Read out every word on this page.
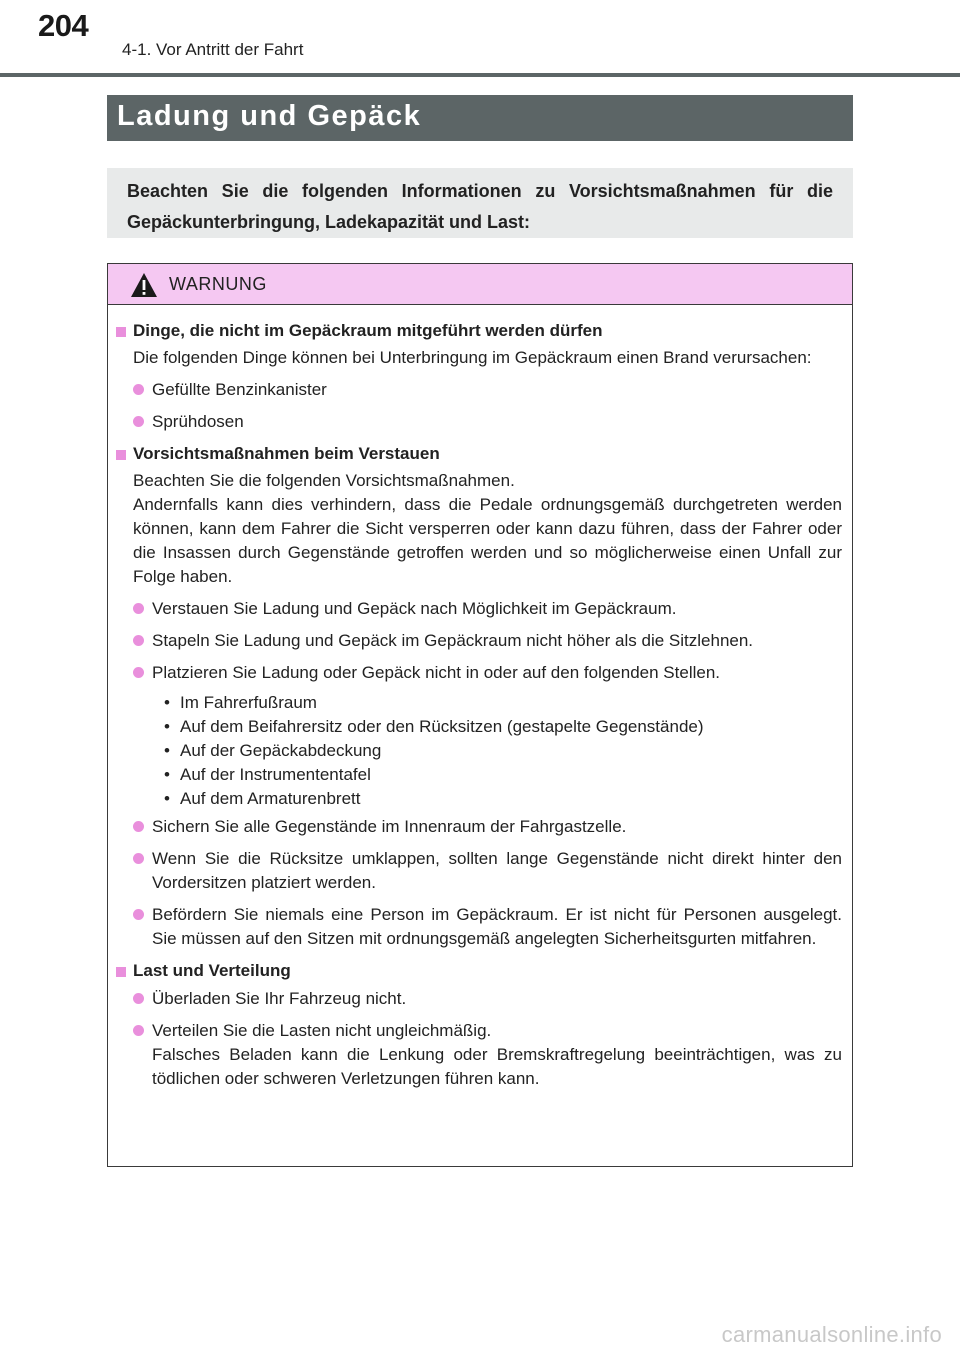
204
4-1. Vor Antritt der Fahrt
Ladung und Gepäck
Beachten Sie die folgenden Informationen zu Vorsichtsmaßnahmen für die Gepäckunterbringung, Ladekapazität und Last:
WARNUNG
Dinge, die nicht im Gepäckraum mitgeführt werden dürfen
Die folgenden Dinge können bei Unterbringung im Gepäckraum einen Brand verursachen:
Gefüllte Benzinkanister
Sprühdosen
Vorsichtsmaßnahmen beim Verstauen
Beachten Sie die folgenden Vorsichtsmaßnahmen.
Andernfalls kann dies verhindern, dass die Pedale ordnungsgemäß durchgetreten werden können, kann dem Fahrer die Sicht versperren oder kann dazu führen, dass der Fahrer oder die Insassen durch Gegenstände getroffen werden und so möglicherweise einen Unfall zur Folge haben.
Verstauen Sie Ladung und Gepäck nach Möglichkeit im Gepäckraum.
Stapeln Sie Ladung und Gepäck im Gepäckraum nicht höher als die Sitzlehnen.
Platzieren Sie Ladung oder Gepäck nicht in oder auf den folgenden Stellen.
• Im Fahrerfußraum
• Auf dem Beifahrersitz oder den Rücksitzen (gestapelte Gegenstände)
• Auf der Gepäckabdeckung
• Auf der Instrumententafel
• Auf dem Armaturenbrett
Sichern Sie alle Gegenstände im Innenraum der Fahrgastzelle.
Wenn Sie die Rücksitze umklappen, sollten lange Gegenstände nicht direkt hinter den Vordersitzen platziert werden.
Befördern Sie niemals eine Person im Gepäckraum. Er ist nicht für Personen ausgelegt. Sie müssen auf den Sitzen mit ordnungsgemäß angelegten Sicherheitsgurten mitfahren.
Last und Verteilung
Überladen Sie Ihr Fahrzeug nicht.
Verteilen Sie die Lasten nicht ungleichmäßig.
Falsches Beladen kann die Lenkung oder Bremskraftregelung beeinträchtigen, was zu tödlichen oder schweren Verletzungen führen kann.
carmanualsonline.info
